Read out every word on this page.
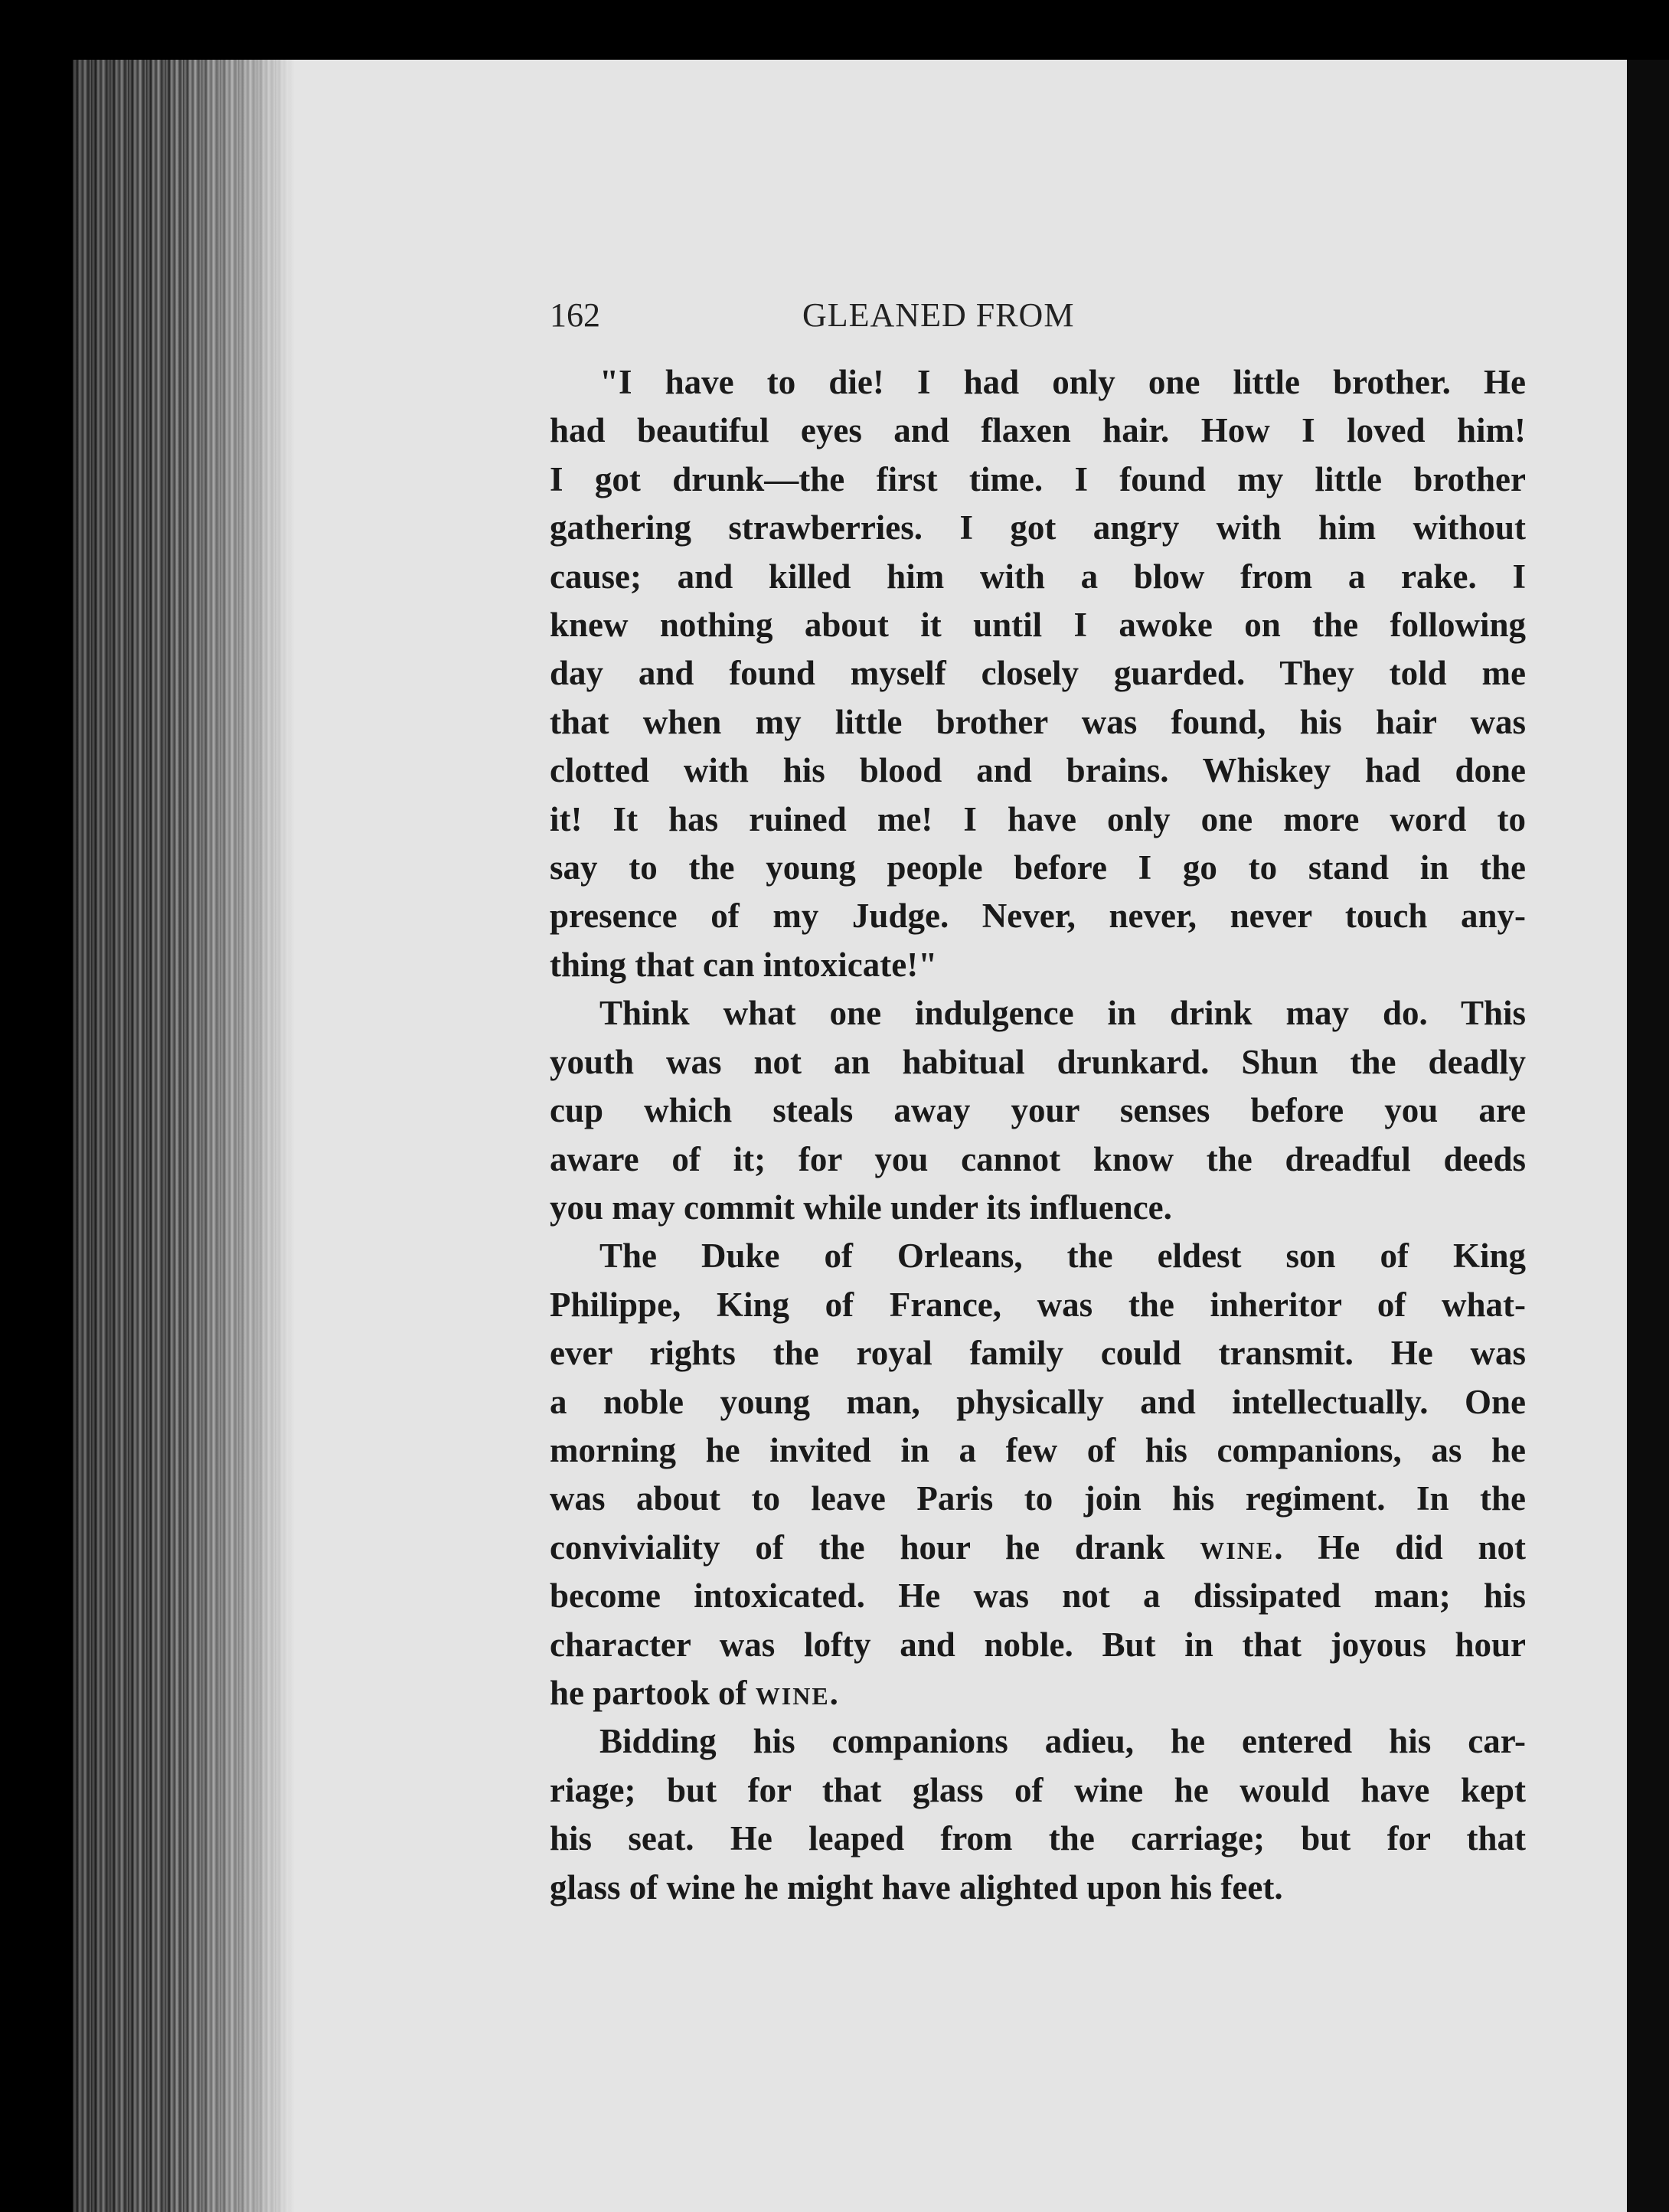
162	GLEANED FROM
"I have to die! I had only one little brother. He
had beautiful eyes and flaxen hair. How I loved him!
I got drunk—the first time. I found my little brother
gathering strawberries. I got angry with him without
cause; and killed him with a blow from a rake. I
knew nothing about it until I awoke on the following
day and found myself closely guarded. They told me
that when my little brother was found, his hair was
clotted with his blood and brains. Whiskey had done
it! It has ruined me! I have only one more word to
say to the young people before I go to stand in the
presence of my Judge. Never, never, never touch any-
thing that can intoxicate!"
Think what one indulgence in drink may do. This
youth was not an habitual drunkard. Shun the deadly
cup which steals away your senses before you are
aware of it; for you cannot know the dreadful deeds
you may commit while under its influence.
The Duke of Orleans, the eldest son of King
Philippe, King of France, was the inheritor of what-
ever rights the royal family could transmit. He was
a noble young man, physically and intellectually. One
morning he invited in a few of his companions, as he
was about to leave Paris to join his regiment. In the
conviviality of the hour he drank wine. He did not
become intoxicated. He was not a dissipated man; his
character was lofty and noble. But in that joyous hour
he partook of wine.
Bidding his companions adieu, he entered his car-
riage; but for that glass of wine he would have kept
his seat. He leaped from the carriage; but for that
glass of wine he might have alighted upon his feet.
